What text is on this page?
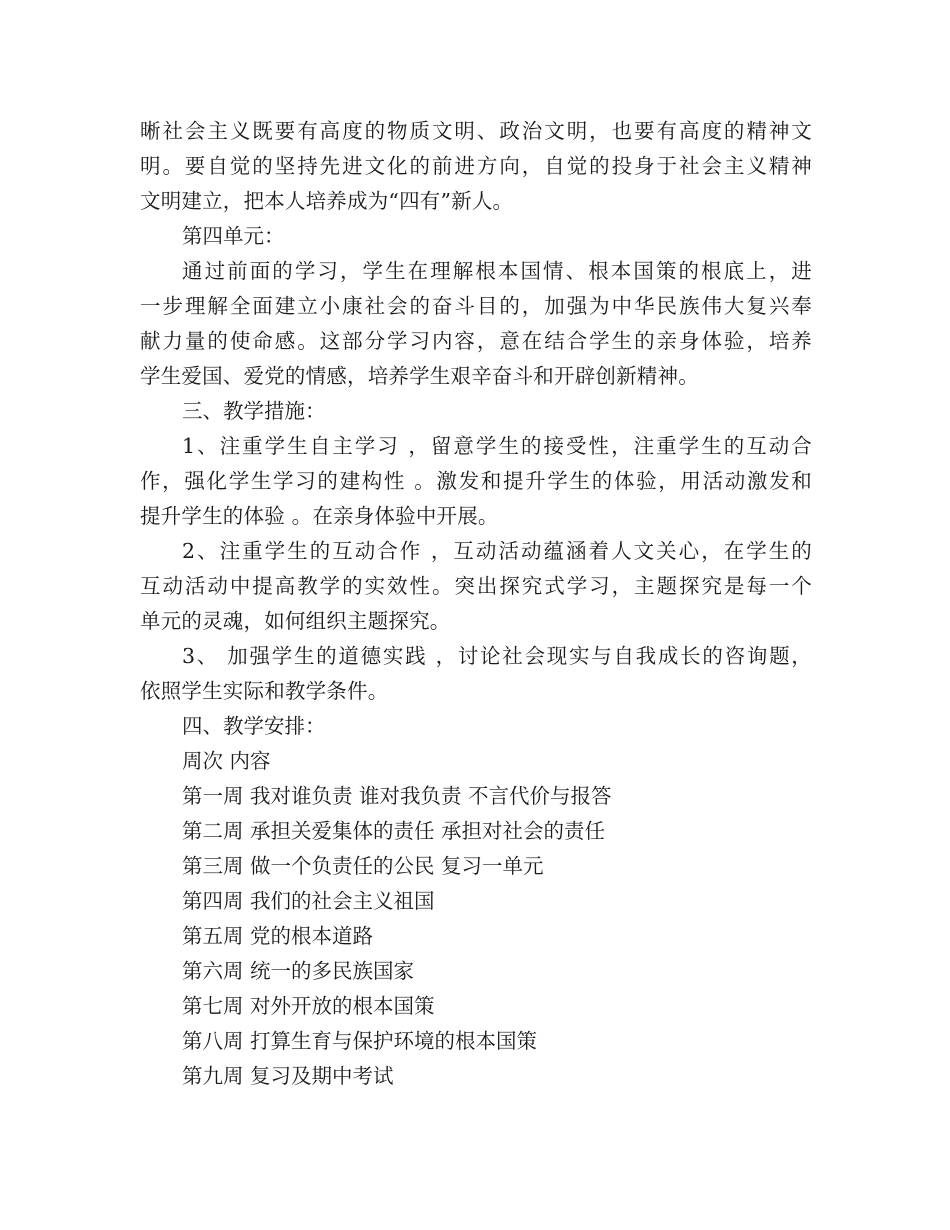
晰社会主义既要有高度的物质文明、政治文明，也要有高度的精神文
明。要自觉的坚持先进文化的前进方向，自觉的投身于社会主义精神
文明建立，把本人培养成为“四有”新人。

第四单元：

通过前面的学习，学生在理解根本国情、根本国策的根底上，进
一步理解全面建立小康社会的奋斗目的，加强为中华民族伟大复兴奉
献力量的使命感。这部分学习内容，意在结合学生的亲身体验，培养
学生爱国、爱党的情感，培养学生艰辛奋斗和开辟创新精神。

三、教学措施：

1、注重学生自主学习 ，留意学生的接受性，注重学生的互动合
作，强化学生学习的建构性 。激发和提升学生的体验，用活动激发和
提升学生的体验 。在亲身体验中开展。

2、注重学生的互动合作 ，互动活动蕴涵着人文关心，在学生的
互动活动中提高教学的实效性。突出探究式学习，主题探究是每一个
单元的灵魂，如何组织主题探究。

3、 加强学生的道德实践 ，讨论社会现实与自我成长的咨询题，
依照学生实际和教学条件。

四、教学安排：

周次 内容
第一周 我对谁负责 谁对我负责 不言代价与报答
第二周 承担关爱集体的责任 承担对社会的责任
第三周 做一个负责任的公民 复习一单元
第四周 我们的社会主义祖国
第五周 党的根本道路
第六周 统一的多民族国家
第七周 对外开放的根本国策
第八周 打算生育与保护环境的根本国策
第九周 复习及期中考试
